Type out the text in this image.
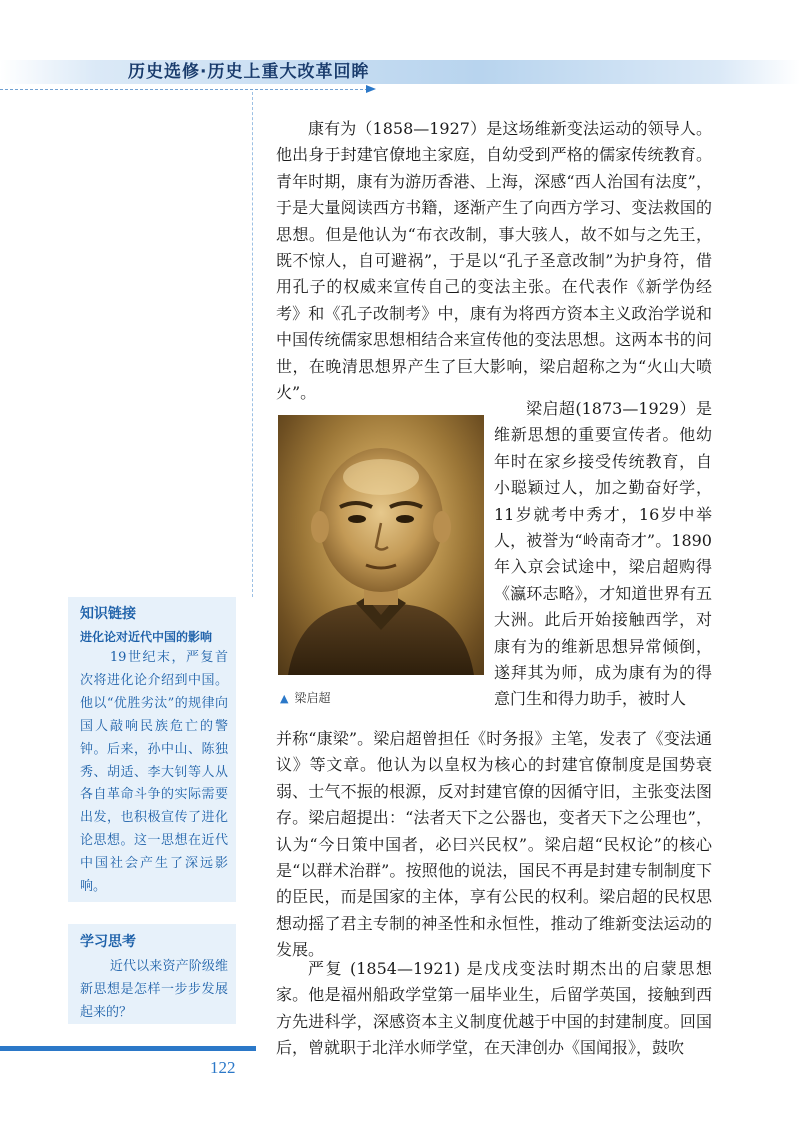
历史选修·历史上重大改革回眸

康有为（1858—1927）是这场维新变法运动的领导人。他出身于封建官僚地主家庭，自幼受到严格的儒家传统教育。青年时期，康有为游历香港、上海，深感“西人治国有法度”，于是大量阅读西方书籍，逐渐产生了向西方学习、变法救国的思想。但是他认为“布衣改制，事大骇人，故不如与之先王，既不惊人，自可避祸”，于是以“孔子圣意改制”为护身符，借用孔子的权威来宣传自己的变法主张。在代表作《新学伪经考》和《孔子改制考》中，康有为将西方资本主义政治学说和中国传统儒家思想相结合来宣传他的变法思想。这两本书的问世，在晚清思想界产生了巨大影响，梁启超称之为“火山大喷火”。

▲ 梁启超

梁启超(1873—1929）是维新思想的重要宣传者。他幼年时在家乡接受传统教育，自小聪颖过人，加之勤奋好学，11岁就考中秀才，16岁中举人，被誉为“岭南奇才”。1890年入京会试途中，梁启超购得《瀛环志略》，才知道世界有五大洲。此后开始接触西学，对康有为的维新思想异常倾倒，遂拜其为师，成为康有为的得意门生和得力助手，被时人

并称“康梁”。梁启超曾担任《时务报》主笔，发表了《变法通议》等文章。他认为以皇权为核心的封建官僚制度是国势衰弱、士气不振的根源，反对封建官僚的因循守旧，主张变法图存。梁启超提出：“法者天下之公器也，变者天下之公理也”，认为“今日策中国者，必曰兴民权”。梁启超“民权论”的核心是“以群术治群”。按照他的说法，国民不再是封建专制制度下的臣民，而是国家的主体，享有公民的权利。梁启超的民权思想动摇了君主专制的神圣性和永恒性，推动了维新变法运动的发展。

严复 (1854—1921) 是戊戌变法时期杰出的启蒙思想家。他是福州船政学堂第一届毕业生，后留学英国，接触到西方先进科学，深感资本主义制度优越于中国的封建制度。回国后，曾就职于北洋水师学堂，在天津创办《国闻报》，鼓吹

知识链接
进化论对近代中国的影响

19世纪末，严复首次将进化论介绍到中国。他以“优胜劣汰”的规律向国人敲响民族危亡的警钟。后来，孙中山、陈独秀、胡适、李大钊等人从各自革命斗争的实际需要出发，也积极宣传了进化论思想。这一思想在近代中国社会产生了深远影响。

学习思考

近代以来资产阶级维新思想是怎样一步步发展起来的？

122
